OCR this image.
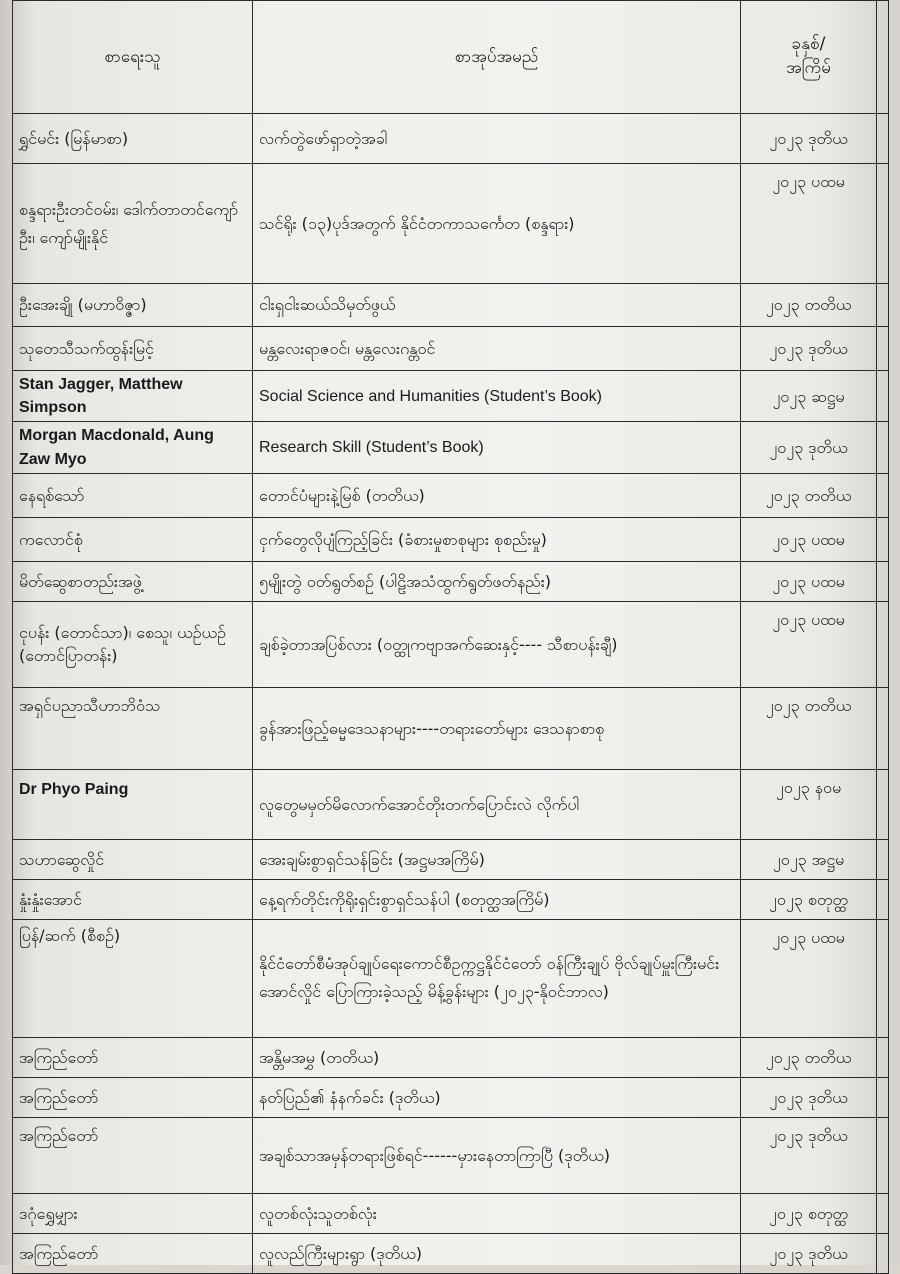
စာရေးသူ	စာအုပ်အမည်	ခုနှစ်/
အကြိမ်	

ရွှင်မင်း (မြန်မာစာ)	လက်တွဲဖော်ရှာတဲ့အခါ	၂၀၂၃ ဒုတိယ	
စန္ဒရားဦးတင်ဝမ်း၊ ဒေါက်တာတင်ကျော်ဦး၊ ကျော်မျိုးနိုင်	သင်ရိုး (၁၃)ပုဒ်အတွက် နိုင်ငံတကာသင်္ကေတ (စန္ဒရား)	၂၀၂၃ ပထမ	
ဦးအေးချို (မဟာဝိဇ္ဇာ)	ငါးရှငါးဆယ်သိမှတ်ဖွယ်	၂၀၂၃ တတိယ	
သုတေသီသက်ထွန်းမြင့်	မန္တလေးရာဇဝင်၊ မန္တလေးဂန္တဝင်	၂၀၂၃ ဒုတိယ	
Stan Jagger, Matthew Simpson	Social Science and Humanities (Student’s Book)	၂၀၂၃ ဆဋ္ဌမ	
Morgan Macdonald, Aung Zaw Myo	Research Skill (Student’s Book)	၂၀၂၃ ဒုတိယ	
နေရစ်သော်	တောင်ပံများနဲ့မြစ် (တတိယ)	၂၀၂၃ တတိယ	
ကလောင်စုံ	ငှက်တွေလိုပျံကြည့်ခြင်း (ခံစားမှုစာစုများ စုစည်းမှု)	၂၀၂၃ ပထမ	
မိတ်ဆွေစာတည်းအဖွဲ့	၅မျိုးတွဲ ဝတ်ရွတ်စဉ် (ပါဠိအသံထွက်ရွတ်ဖတ်နည်း)	၂၀၂၃ ပထမ	
ငုပန်း (တောင်သာ)၊ စေသူ၊ ယဉ်ယဉ် (တောင်ပြာတန်း)	ချစ်ခဲ့တာအပြစ်လား (ဝတ္ထုကဗျာအက်ဆေးနှင့်---- သီစာပန်းချီ)	၂၀၂၃ ပထမ	
အရှင်ပညာသီဟာဘိဝံသ	ခွန်အားဖြည့်ဓမ္မဒေသနာများ----တရားတော်များ ဒေသနာစာစု	၂၀၂၃ တတိယ	
Dr Phyo Paing	လူတွေမမှတ်မိလောက်အောင်တိုးတက်ပြောင်းလဲ လိုက်ပါ	၂၀၂၃ နဝမ	
သဟာဆွေလှိုင်	အေးချမ်းစွာရှင်သန်ခြင်း (အဋ္ဌမအကြိမ်)	၂၀၂၃ အဋ္ဌမ	
နှုံးနှုံးအောင်	နေ့ရက်တိုင်းကိုရိုးရှင်းစွာရှင်သန်ပါ (စတုတ္ထအကြိမ်)	၂၀၂၃ စတုတ္ထ	
ပြန်/ဆက် (စီစဉ်)	နိုင်ငံတော်စီမံအုပ်ချုပ်ရေးကောင်စီဥက္ကဋ္ဌနိုင်ငံတော် ဝန်ကြီးချုပ် ဗိုလ်ချုပ်မှူးကြီးမင်းအောင်လှိုင် ပြောကြားခဲ့သည့် မိန့်ခွန်းများ (၂၀၂၃-နိုဝင်ဘာလ)	၂၀၂၃ ပထမ	
အကြည်တော်	အန္တိမအမွှ (တတိယ)	၂၀၂၃ တတိယ	
အကြည်တော်	နတ်ပြည်၏ နံနက်ခင်း (ဒုတိယ)	၂၀၂၃ ဒုတိယ	
အကြည်တော်	အချစ်သာအမှန်တရားဖြစ်ရင်------မှားနေတာကြာပြီ (ဒုတိယ)	၂၀၂၃ ဒုတိယ	
ဒဂုံရွှေမျှား	လူတစ်လုံးသူတစ်လုံး	၂၀၂၃ စတုတ္ထ	
အကြည်တော်	လူလည်ကြီးများရွာ (ဒုတိယ)	၂၀၂၃ ဒုတိယ	
